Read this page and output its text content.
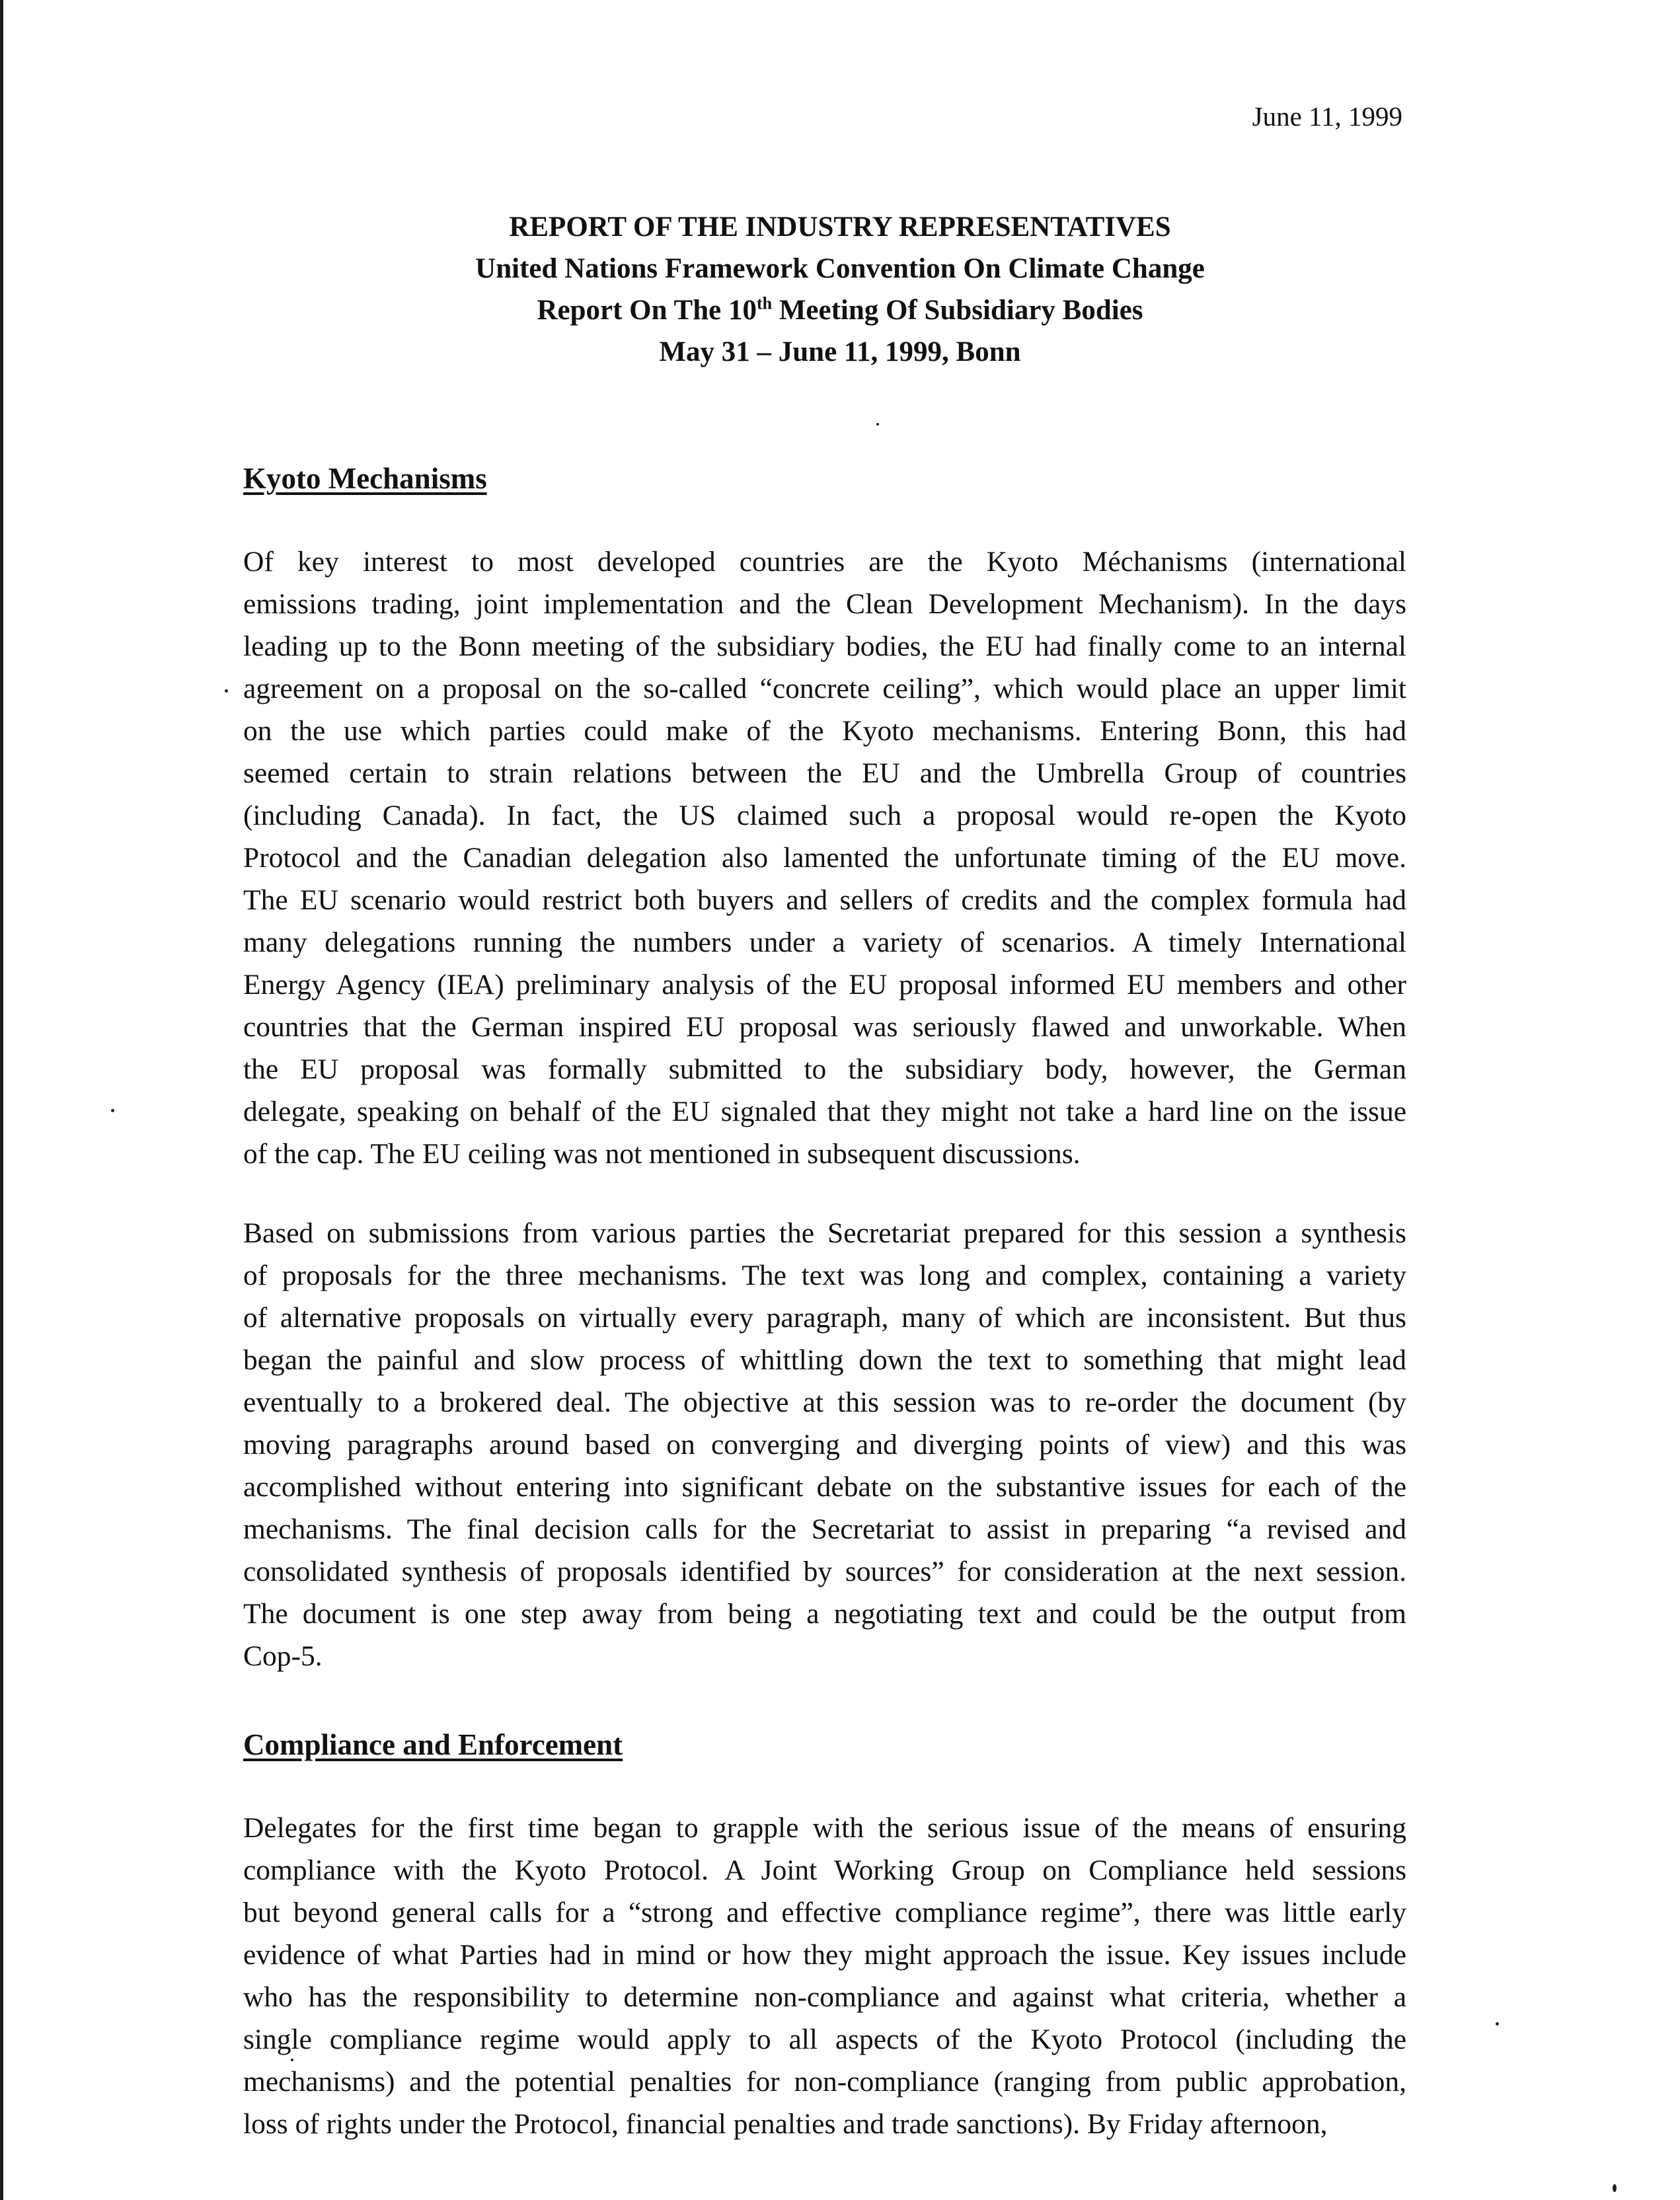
June 11, 1999
REPORT OF THE INDUSTRY REPRESENTATIVES
United Nations Framework Convention On Climate Change
Report On The 10th Meeting Of Subsidiary Bodies
May 31 – June 11, 1999, Bonn
Kyoto Mechanisms
Of key interest to most developed countries are the Kyoto Méchanisms (international
emissions trading, joint implementation and the Clean Development Mechanism). In the days
leading up to the Bonn meeting of the subsidiary bodies, the EU had finally come to an internal
agreement on a proposal on the so-called “concrete ceiling”, which would place an upper limit
on the use which parties could make of the Kyoto mechanisms. Entering Bonn, this had
seemed certain to strain relations between the EU and the Umbrella Group of countries
(including Canada). In fact, the US claimed such a proposal would re-open the Kyoto
Protocol and the Canadian delegation also lamented the unfortunate timing of the EU move.
The EU scenario would restrict both buyers and sellers of credits and the complex formula had
many delegations running the numbers under a variety of scenarios. A timely International
Energy Agency (IEA) preliminary analysis of the EU proposal informed EU members and other
countries that the German inspired EU proposal was seriously flawed and unworkable. When
the EU proposal was formally submitted to the subsidiary body, however, the German
delegate, speaking on behalf of the EU signaled that they might not take a hard line on the issue
of the cap. The EU ceiling was not mentioned in subsequent discussions.
Based on submissions from various parties the Secretariat prepared for this session a synthesis
of proposals for the three mechanisms. The text was long and complex, containing a variety
of alternative proposals on virtually every paragraph, many of which are inconsistent. But thus
began the painful and slow process of whittling down the text to something that might lead
eventually to a brokered deal. The objective at this session was to re-order the document (by
moving paragraphs around based on converging and diverging points of view) and this was
accomplished without entering into significant debate on the substantive issues for each of the
mechanisms. The final decision calls for the Secretariat to assist in preparing “a revised and
consolidated synthesis of proposals identified by sources” for consideration at the next session.
The document is one step away from being a negotiating text and could be the output from
Cop-5.
Compliance and Enforcement
Delegates for the first time began to grapple with the serious issue of the means of ensuring
compliance with the Kyoto Protocol. A Joint Working Group on Compliance held sessions
but beyond general calls for a “strong and effective compliance regime”, there was little early
evidence of what Parties had in mind or how they might approach the issue. Key issues include
who has the responsibility to determine non-compliance and against what criteria, whether a
single compliance regime would apply to all aspects of the Kyoto Protocol (including the
mechanisms) and the potential penalties for non-compliance (ranging from public approbation,
loss of rights under the Protocol, financial penalties and trade sanctions). By Friday afternoon,
